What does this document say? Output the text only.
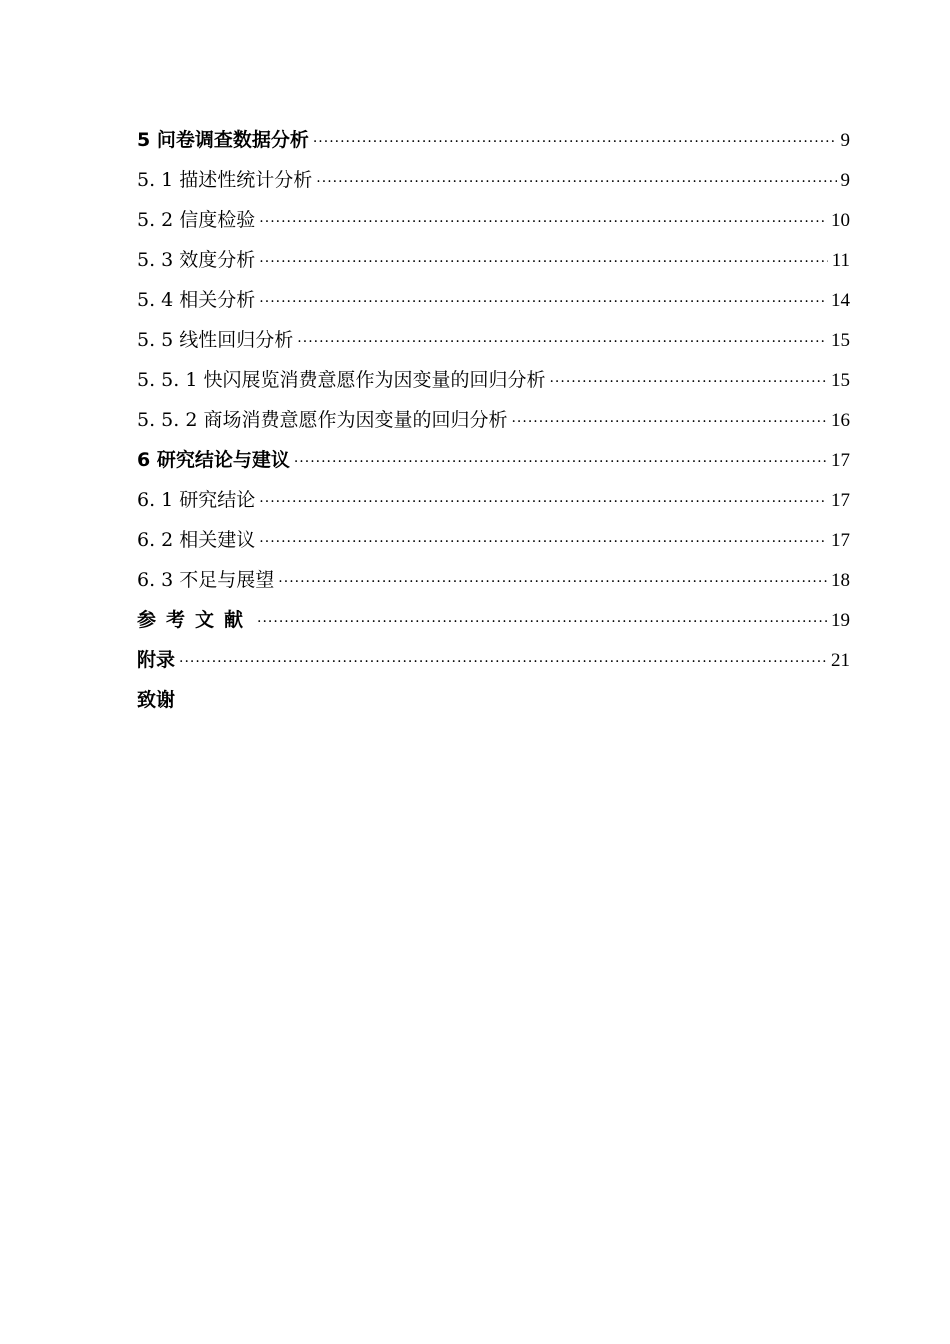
5 问卷调查数据分析 ·····	9
5. 1 描述性统计分析 ·····	9
5. 2 信度检验 ·····	10
5. 3 效度分析 ·····	11
5. 4 相关分析 ·····	14
5. 5 线性回归分析 ·····	15
5. 5. 1 快闪展览消费意愿作为因变量的回归分析 ·····	15
5. 5. 2 商场消费意愿作为因变量的回归分析 ·····	16
6 研究结论与建议 ·····	17
6. 1 研究结论 ·····	17
6. 2 相关建议 ·····	17
6. 3 不足与展望 ·····	18
参考文献 ·····	19
附录 ·····	21
致谢
